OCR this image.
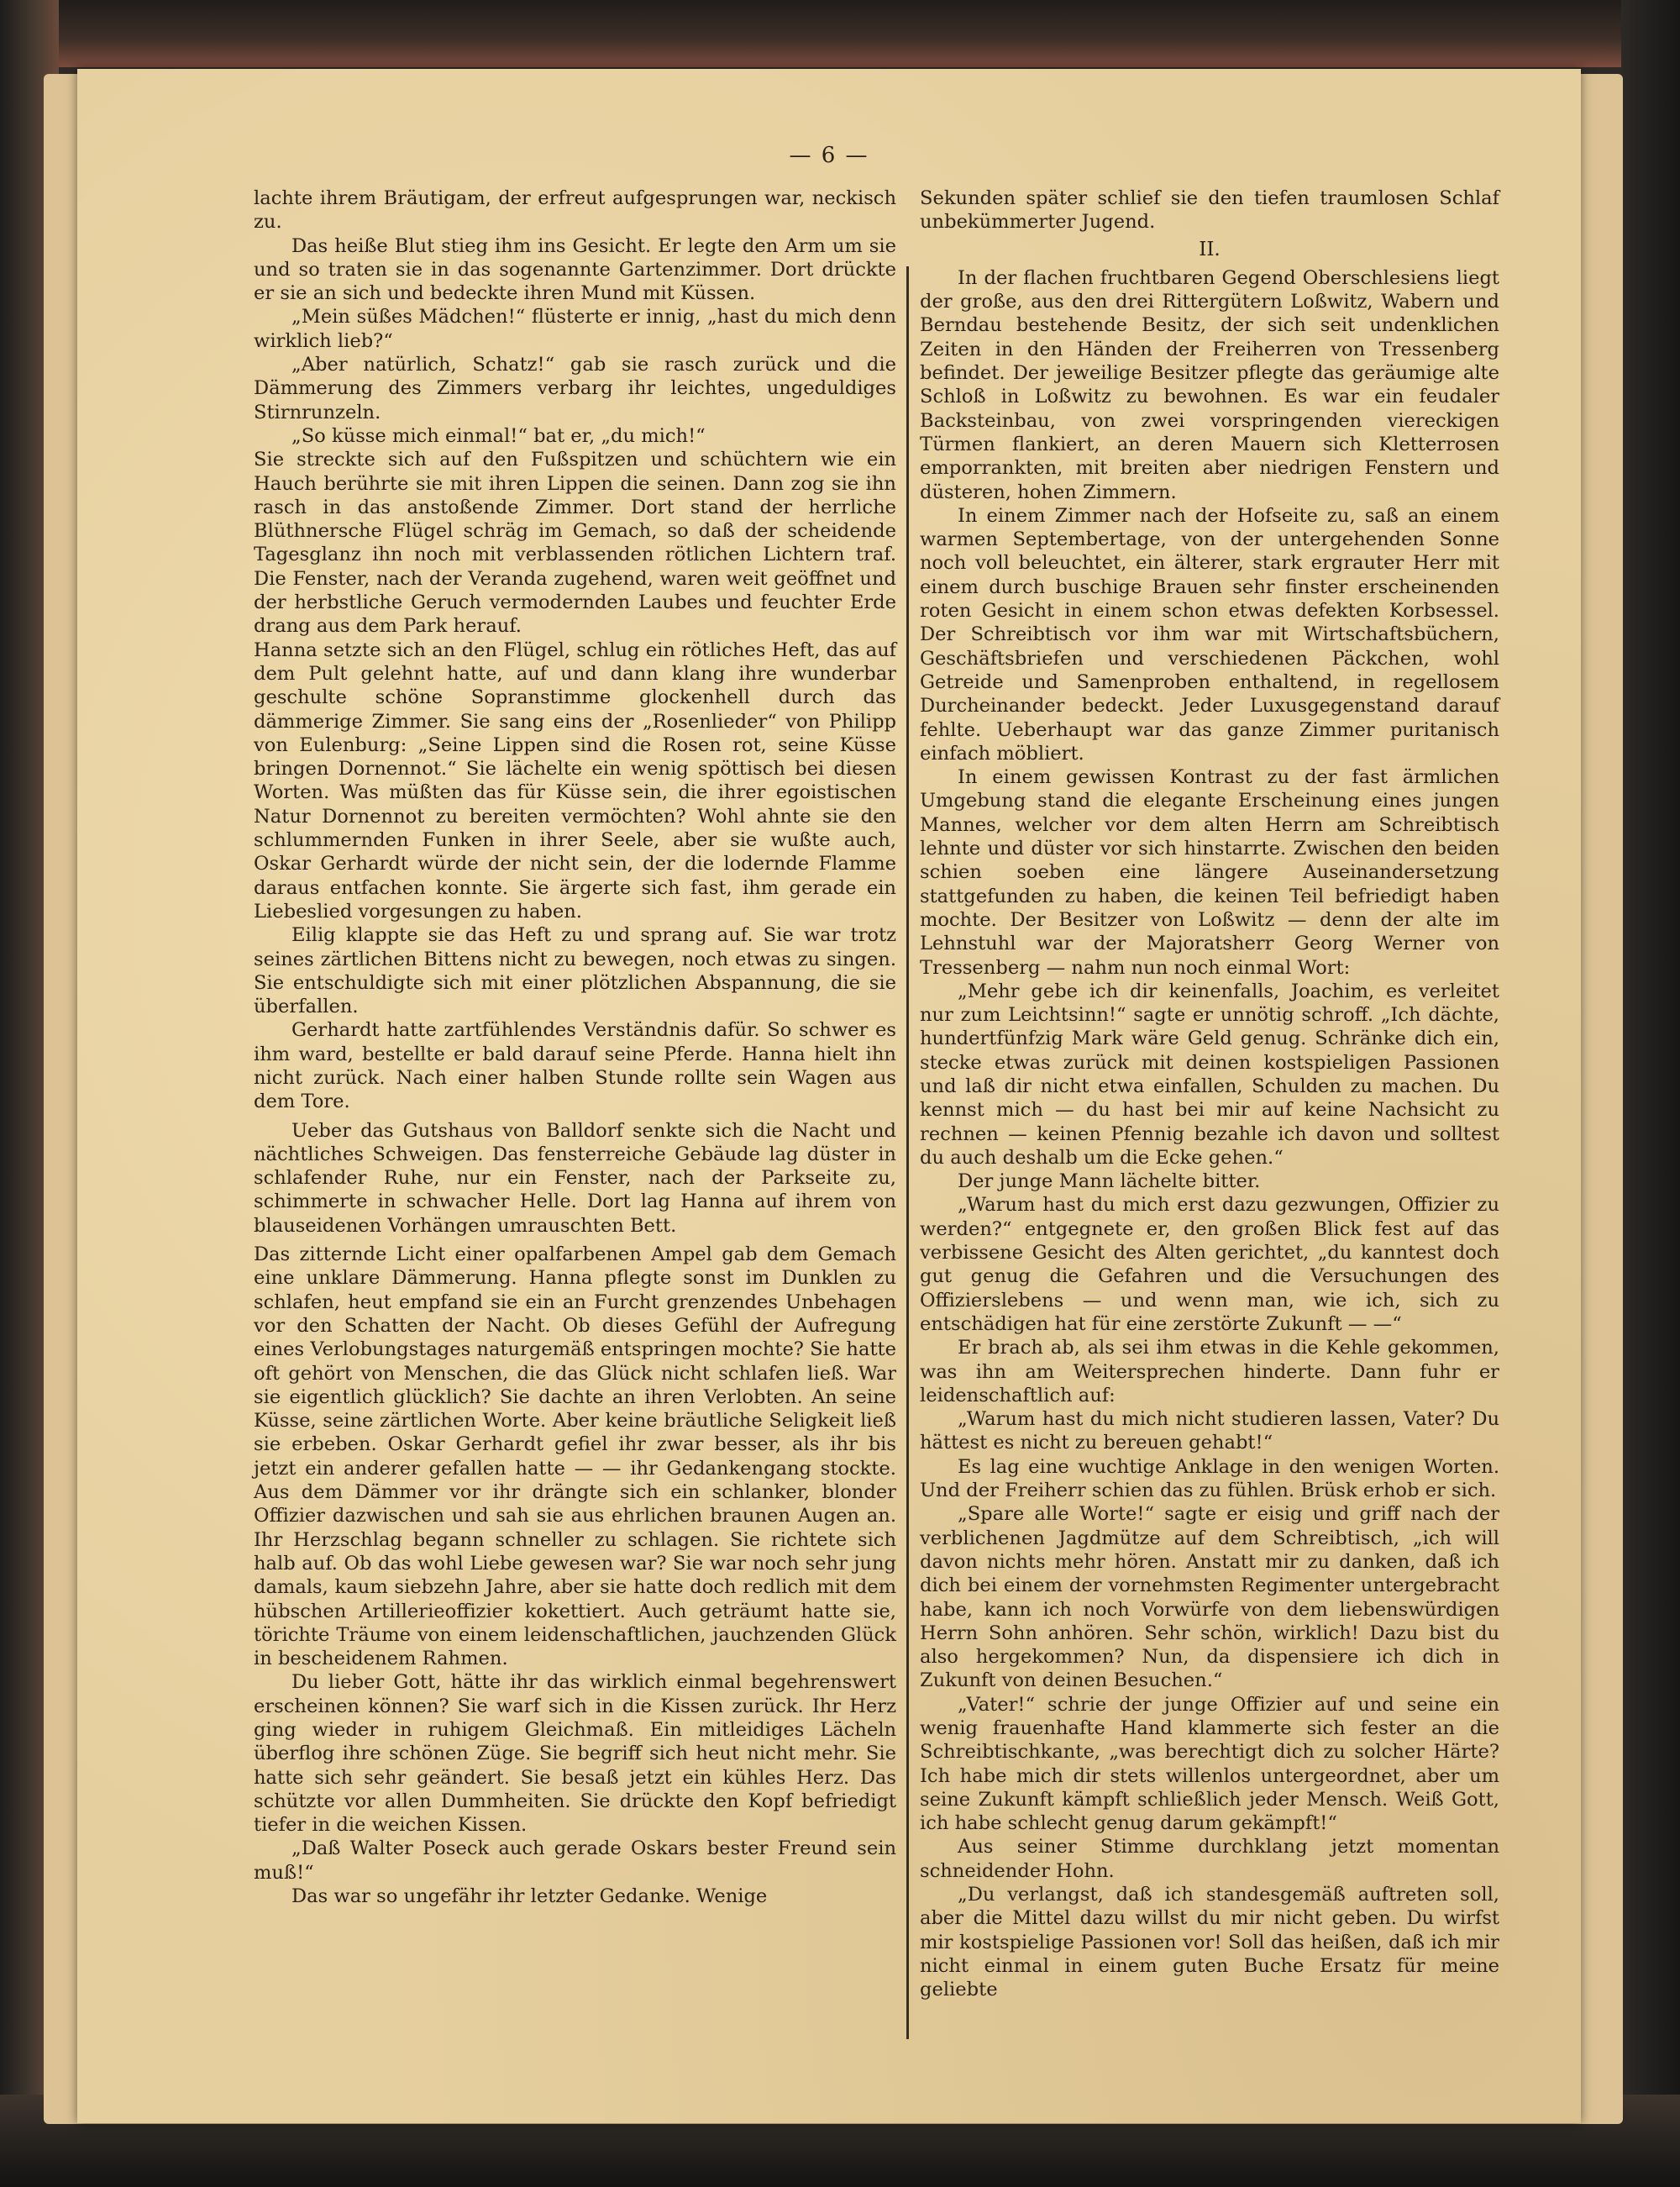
— 6 —

lachte ihrem Bräutigam, der erfreut aufgesprungen war, neckisch zu.

Das heiße Blut stieg ihm ins Gesicht. Er legte den Arm um sie und so traten sie in das sogenannte Gartenzimmer. Dort drückte er sie an sich und bedeckte ihren Mund mit Küssen.

„Mein süßes Mädchen!“ flüsterte er innig, „hast du mich denn wirklich lieb?“

„Aber natürlich, Schatz!“ gab sie rasch zurück und die Dämmerung des Zimmers verbarg ihr leichtes, ungeduldiges Stirnrunzeln.

„So küsse mich einmal!“ bat er, „du mich!“

Sie streckte sich auf den Fußspitzen und schüchtern wie ein Hauch berührte sie mit ihren Lippen die seinen. Dann zog sie ihn rasch in das anstoßende Zimmer. Dort stand der herrliche Blüthnersche Flügel schräg im Gemach, so daß der scheidende Tagesglanz ihn noch mit verblassenden rötlichen Lichtern traf. Die Fenster, nach der Veranda zugehend, waren weit geöffnet und der herbstliche Geruch vermodernden Laubes und feuchter Erde drang aus dem Park herauf.

Hanna setzte sich an den Flügel, schlug ein rötliches Heft, das auf dem Pult gelehnt hatte, auf und dann klang ihre wunderbar geschulte schöne Sopranstimme glockenhell durch das dämmerige Zimmer. Sie sang eins der „Rosenlieder“ von Philipp von Eulenburg: „Seine Lippen sind die Rosen rot, seine Küsse bringen Dornennot.“ Sie lächelte ein wenig spöttisch bei diesen Worten. Was müßten das für Küsse sein, die ihrer egoistischen Natur Dornennot zu bereiten vermöchten? Wohl ahnte sie den schlummernden Funken in ihrer Seele, aber sie wußte auch, Oskar Gerhardt würde der nicht sein, der die lodernde Flamme daraus entfachen konnte. Sie ärgerte sich fast, ihm gerade ein Liebeslied vorgesungen zu haben.

Eilig klappte sie das Heft zu und sprang auf. Sie war trotz seines zärtlichen Bittens nicht zu bewegen, noch etwas zu singen. Sie entschuldigte sich mit einer plötzlichen Abspannung, die sie überfallen.

Gerhardt hatte zartfühlendes Verständnis dafür. So schwer es ihm ward, bestellte er bald darauf seine Pferde. Hanna hielt ihn nicht zurück. Nach einer halben Stunde rollte sein Wagen aus dem Tore.

Ueber das Gutshaus von Balldorf senkte sich die Nacht und nächtliches Schweigen. Das fensterreiche Gebäude lag düster in schlafender Ruhe, nur ein Fenster, nach der Parkseite zu, schimmerte in schwacher Helle. Dort lag Hanna auf ihrem von blauseidenen Vorhängen umrauschten Bett.

Das zitternde Licht einer opalfarbenen Ampel gab dem Gemach eine unklare Dämmerung. Hanna pflegte sonst im Dunklen zu schlafen, heut empfand sie ein an Furcht grenzendes Unbehagen vor den Schatten der Nacht. Ob dieses Gefühl der Aufregung eines Verlobungstages naturgemäß entspringen mochte? Sie hatte oft gehört von Menschen, die das Glück nicht schlafen ließ. War sie eigentlich glücklich? Sie dachte an ihren Verlobten. An seine Küsse, seine zärtlichen Worte. Aber keine bräutliche Seligkeit ließ sie erbeben. Oskar Gerhardt gefiel ihr zwar besser, als ihr bis jetzt ein anderer gefallen hatte — — ihr Gedankengang stockte. Aus dem Dämmer vor ihr drängte sich ein schlanker, blonder Offizier dazwischen und sah sie aus ehrlichen braunen Augen an. Ihr Herzschlag begann schneller zu schlagen. Sie richtete sich halb auf. Ob das wohl Liebe gewesen war? Sie war noch sehr jung damals, kaum siebzehn Jahre, aber sie hatte doch redlich mit dem hübschen Artillerieoffizier kokettiert. Auch geträumt hatte sie, törichte Träume von einem leidenschaftlichen, jauchzenden Glück in bescheidenem Rahmen.

Du lieber Gott, hätte ihr das wirklich einmal begehrenswert erscheinen können? Sie warf sich in die Kissen zurück. Ihr Herz ging wieder in ruhigem Gleichmaß. Ein mitleidiges Lächeln überflog ihre schönen Züge. Sie begriff sich heut nicht mehr. Sie hatte sich sehr geändert. Sie besaß jetzt ein kühles Herz. Das schützte vor allen Dummheiten. Sie drückte den Kopf befriedigt tiefer in die weichen Kissen.

„Daß Walter Poseck auch gerade Oskars bester Freund sein muß!“

Das war so ungefähr ihr letzter Gedanke. Wenige

Sekunden später schlief sie den tiefen traumlosen Schlaf unbekümmerter Jugend.

II.

In der flachen fruchtbaren Gegend Oberschlesiens liegt der große, aus den drei Rittergütern Loßwitz, Wabern und Berndau bestehende Besitz, der sich seit undenklichen Zeiten in den Händen der Freiherren von Tressenberg befindet. Der jeweilige Besitzer pflegte das geräumige alte Schloß in Loßwitz zu bewohnen. Es war ein feudaler Backsteinbau, von zwei vorspringenden viereckigen Türmen flankiert, an deren Mauern sich Kletterrosen emporrankten, mit breiten aber niedrigen Fenstern und düsteren, hohen Zimmern.

In einem Zimmer nach der Hofseite zu, saß an einem warmen Septembertage, von der untergehenden Sonne noch voll beleuchtet, ein älterer, stark ergrauter Herr mit einem durch buschige Brauen sehr finster erscheinenden roten Gesicht in einem schon etwas defekten Korbsessel. Der Schreibtisch vor ihm war mit Wirtschaftsbüchern, Geschäftsbriefen und verschiedenen Päckchen, wohl Getreide und Samenproben enthaltend, in regellosem Durcheinander bedeckt. Jeder Luxusgegenstand darauf fehlte. Ueberhaupt war das ganze Zimmer puritanisch einfach möbliert.

In einem gewissen Kontrast zu der fast ärmlichen Umgebung stand die elegante Erscheinung eines jungen Mannes, welcher vor dem alten Herrn am Schreibtisch lehnte und düster vor sich hinstarrte. Zwischen den beiden schien soeben eine längere Auseinandersetzung stattgefunden zu haben, die keinen Teil befriedigt haben mochte. Der Besitzer von Loßwitz — denn der alte im Lehnstuhl war der Majoratsherr Georg Werner von Tressenberg — nahm nun noch einmal Wort:

„Mehr gebe ich dir keinenfalls, Joachim, es verleitet nur zum Leichtsinn!“ sagte er unnötig schroff. „Ich dächte, hundertfünfzig Mark wäre Geld genug. Schränke dich ein, stecke etwas zurück mit deinen kostspieligen Passionen und laß dir nicht etwa einfallen, Schulden zu machen. Du kennst mich — du hast bei mir auf keine Nachsicht zu rechnen — keinen Pfennig bezahle ich davon und solltest du auch deshalb um die Ecke gehen.“

Der junge Mann lächelte bitter.

„Warum hast du mich erst dazu gezwungen, Offizier zu werden?“ entgegnete er, den großen Blick fest auf das verbissene Gesicht des Alten gerichtet, „du kanntest doch gut genug die Gefahren und die Versuchungen des Offizierslebens — und wenn man, wie ich, sich zu entschädigen hat für eine zerstörte Zukunft — —“

Er brach ab, als sei ihm etwas in die Kehle gekommen, was ihn am Weitersprechen hinderte. Dann fuhr er leidenschaftlich auf:

„Warum hast du mich nicht studieren lassen, Vater? Du hättest es nicht zu bereuen gehabt!“

Es lag eine wuchtige Anklage in den wenigen Worten. Und der Freiherr schien das zu fühlen. Brüsk erhob er sich.

„Spare alle Worte!“ sagte er eisig und griff nach der verblichenen Jagdmütze auf dem Schreibtisch, „ich will davon nichts mehr hören. Anstatt mir zu danken, daß ich dich bei einem der vornehmsten Regimenter untergebracht habe, kann ich noch Vorwürfe von dem liebenswürdigen Herrn Sohn anhören. Sehr schön, wirklich! Dazu bist du also hergekommen? Nun, da dispensiere ich dich in Zukunft von deinen Besuchen.“

„Vater!“ schrie der junge Offizier auf und seine ein wenig frauenhafte Hand klammerte sich fester an die Schreibtischkante, „was berechtigt dich zu solcher Härte? Ich habe mich dir stets willenlos untergeordnet, aber um seine Zukunft kämpft schließlich jeder Mensch. Weiß Gott, ich habe schlecht genug darum gekämpft!“

Aus seiner Stimme durchklang jetzt momentan schneidender Hohn.

„Du verlangst, daß ich standesgemäß auftreten soll, aber die Mittel dazu willst du mir nicht geben. Du wirfst mir kostspielige Passionen vor! Soll das heißen, daß ich mir nicht einmal in einem guten Buche Ersatz für meine geliebte
